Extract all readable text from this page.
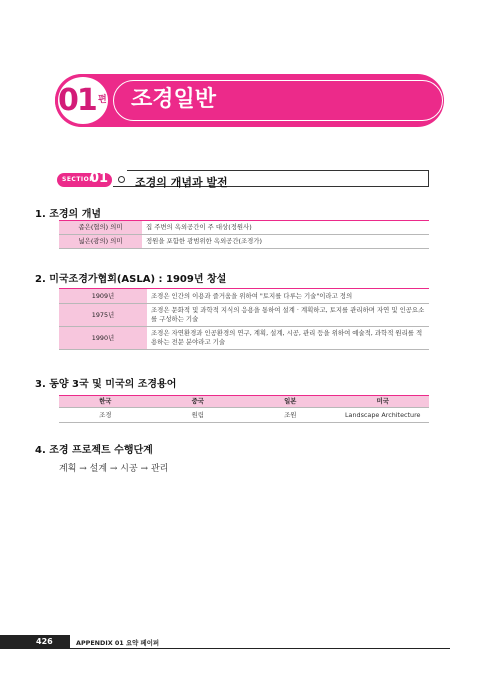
01 편 조경일반
SECTION
01 조경의 개념과 발전
1. 조경의 개념
좁은(협의) 의미	집 주변의 옥외공간이 주 대상(정원사)
넓은(광의) 의미	정원을 포함한 광범위한 옥외공간(조경가)
2. 미국조경가협회(ASLA) : 1909년 창설
1909년	조경은 인간의 이용과 즐거움을 위하여 "토지를 다루는 기술"이라고 정의
1975년	조경은 문화적 및 과학적 지식의 응용을 통하여 설계 · 계획하고, 토지를 관리하며 자연 및 인공요소를 구성하는 기술
1990년	조경은 자연환경과 인공환경의 연구, 계획, 설계, 시공, 관리 등을 위하여 예술적, 과학적 원리를 적용하는 전문 분야라고 기술
3. 동양 3국 및 미국의 조경용어
한국	중국	일본	미국
조경	원림	조원	Landscape Architecture
4. 조경 프로젝트 수행단계
계획 → 설계 → 시공 → 관리
426	APPENDIX 01 요약 페이퍼
